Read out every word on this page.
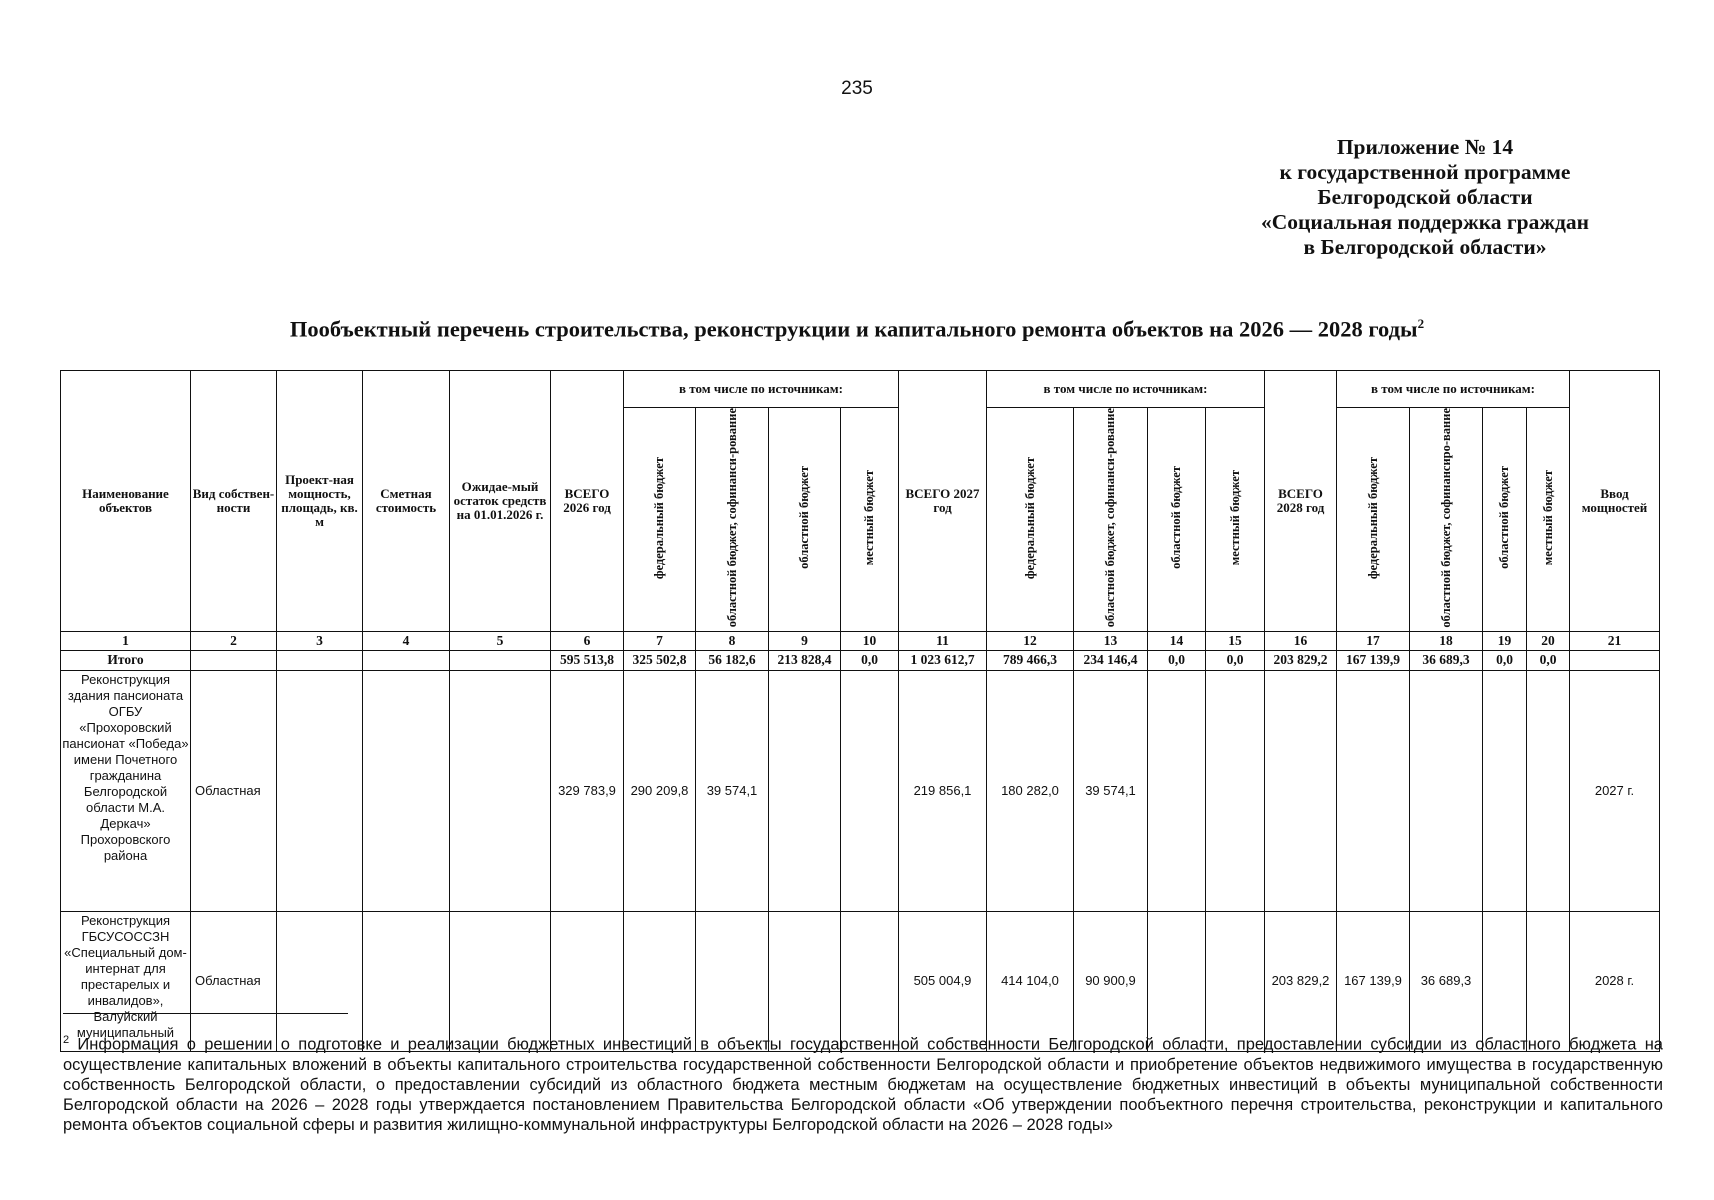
235
Приложение № 14
к государственной программе
Белгородской области
«Социальная поддержка граждан
в Белгородской области»
Пообъектный перечень строительства, реконструкции и капитального ремонта объектов на 2026 — 2028 годы$^2$
Наименование объектов	Вид собствен-ности	Проект-ная мощность, площадь, кв. м	Сметная стоимость	Ожидае-мый остаток средств на 01.01.2026 г.	ВСЕГО 2026 год	в том числе по источникам:				ВСЕГО 2027 год	в том числе по источникам:				ВСЕГО 2028 год	в том числе по источникам:				Ввод мощностей
						федеральный бюджет	областной бюджет, софинанси-рование	областной бюджет	местный бюджет		федеральный бюджет	областной бюджет, софинанси-рование	областной бюджет	местный бюджет		федеральный бюджет	областной бюджет, софинансиро-вание	областной бюджет	местный бюджет	
1	2	3	4	5	6	7	8	9	10	11	12	13	14	15	16	17	18	19	20	21
Итого					595 513,8	325 502,8	56 182,6	213 828,4	0,0	1 023 612,7	789 466,3	234 146,4	0,0	0,0	203 829,2	167 139,9	36 689,3	0,0	0,0	
Реконструкция здания пансионата ОГБУ «Прохоровский пансионат «Победа» имени Почетного гражданина Белгородской области М.А. Деркач» Прохоровского района	Областная				329 783,9	290 209,8	39 574,1			219 856,1	180 282,0	39 574,1								2027 г.
Реконструкция ГБСУСОССЗН «Специальный дом-интернат для престарелых и инвалидов», Валуйский муниципальный	Областная									505 004,9	414 104,0	90 900,9			203 829,2	167 139,9	36 689,3			2028 г.
$^2$ Информация о решении о подготовке и реализации бюджетных инвестиций в объекты государственной собственности Белгородской области, предоставлении субсидии из областного бюджета на осуществление капитальных вложений в объекты капитального строительства государственной собственности Белгородской области и приобретение объектов недвижимого имущества в государственную собственность Белгородской области, о предоставлении субсидий из областного бюджета местным бюджетам на осуществление бюджетных инвестиций в объекты муниципальной собственности Белгородской области на 2026 – 2028 годы утверждается постановлением Правительства Белгородской области «Об утверждении пообъектного перечня строительства, реконструкции и капитального ремонта объектов социальной сферы и развития жилищно-коммунальной инфраструктуры Белгородской области на 2026 – 2028 годы»
